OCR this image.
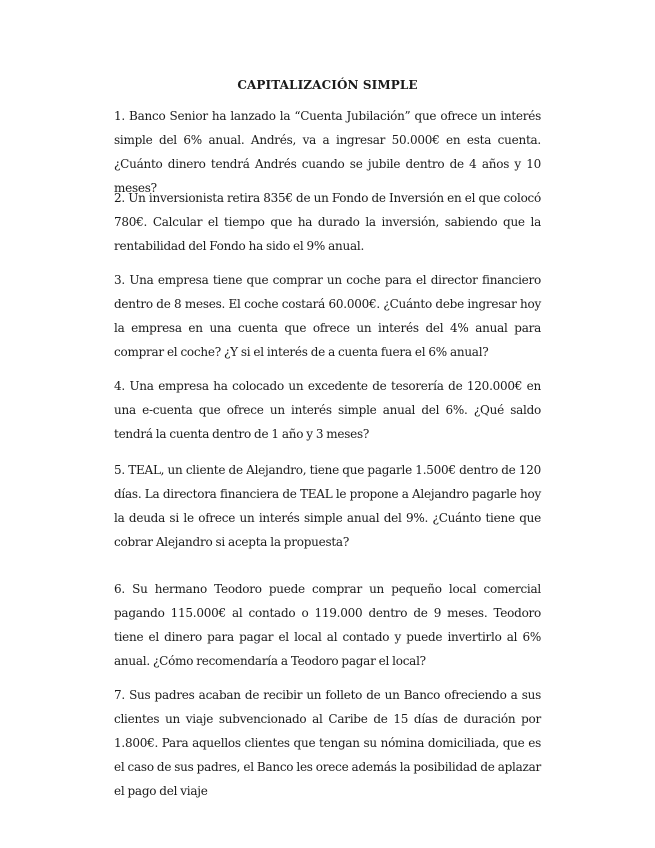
CAPITALIZACIÓN SIMPLE

1. Banco Senior ha lanzado la “Cuenta Jubilación” que ofrece un interés simple del 6% anual. Andrés, va a ingresar 50.000€ en esta cuenta. ¿Cuánto dinero tendrá Andrés cuando se jubile dentro de 4 años y 10 meses?

2. Un inversionista retira 835€ de un Fondo de Inversión en el que colocó 780€. Calcular el tiempo que ha durado la inversión, sabiendo que la rentabilidad del Fondo ha sido el 9% anual.

3. Una empresa tiene que comprar un coche para el director financiero dentro de 8 meses. El coche costará 60.000€. ¿Cuánto debe ingresar hoy la empresa en una cuenta que ofrece un interés del 4% anual para comprar el coche? ¿Y si el interés de a cuenta fuera el 6% anual?

4. Una empresa ha colocado un excedente de tesorería de 120.000€ en una e-cuenta que ofrece un interés simple anual del 6%. ¿Qué saldo tendrá la cuenta dentro de 1 año y 3 meses?

5. TEAL, un cliente de Alejandro, tiene que pagarle 1.500€ dentro de 120 días. La directora financiera de TEAL le propone a Alejandro pagarle hoy la deuda si le ofrece un interés simple anual del 9%. ¿Cuánto tiene que cobrar Alejandro si acepta la propuesta?

6. Su hermano Teodoro puede comprar un pequeño local comercial pagando 115.000€ al contado o 119.000 dentro de 9 meses. Teodoro tiene el dinero para pagar el local al contado y puede invertirlo al 6% anual. ¿Cómo recomendaría a Teodoro pagar el local?

7. Sus padres acaban de recibir un folleto de un Banco ofreciendo a sus clientes un viaje subvencionado al Caribe de 15 días de duración por 1.800€. Para aquellos clientes que tengan su nómina domiciliada, que es el caso de sus padres, el Banco les orece además la posibilidad de aplazar el pago del viaje
